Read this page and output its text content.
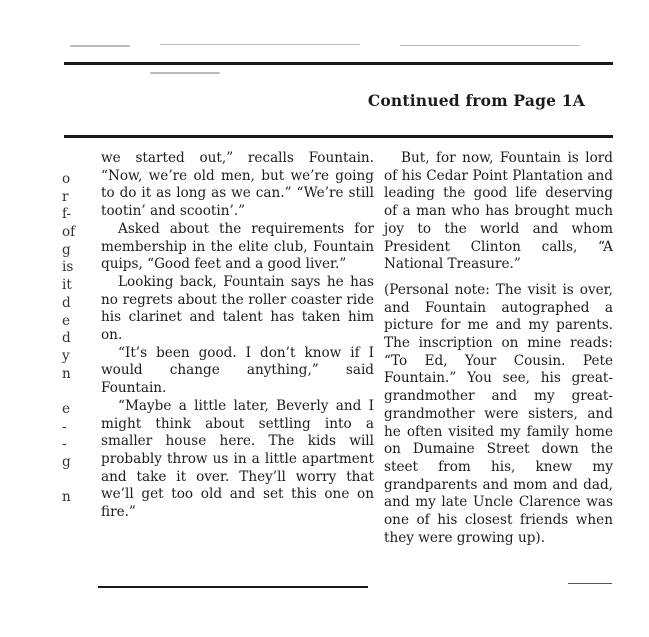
Continued from Page 1A
o
r
f-
of
g
is
it
d
e
d
y
n
e
-
-
g
n

we started out,” recalls Fountain. “Now, we’re old men, but we’re going to do it as long as we can.” “We’re still tootin’ and scootin’.”

Asked about the requirements for membership in the elite club, Fountain quips, “Good feet and a good liver.”

Looking back, Fountain says he has no regrets about the roller coaster ride his clarinet and talent has taken him on.

“It’s been good. I don’t know if I would change anything,” said Fountain.

“Maybe a little later, Beverly and I might think about settling into a smaller house here. The kids will probably throw us in a little apartment and take it over. They’ll worry that we’ll get too old and set this one on fire.”

But, for now, Fountain is lord of his Cedar Point Plantation and leading the good life deserving of a man who has brought much joy to the world and whom President Clinton calls, “A National Treasure.”

(Personal note: The visit is over, and Fountain autographed a picture for me and my parents. The inscription on mine reads: “To Ed, Your Cousin. Pete Fountain.” You see, his great-grandmother and my great-grandmother were sisters, and he often visited my family home on Dumaine Street down the steet from his, knew my grandparents and mom and dad, and my late Uncle Clarence was one of his closest friends when they were growing up).
